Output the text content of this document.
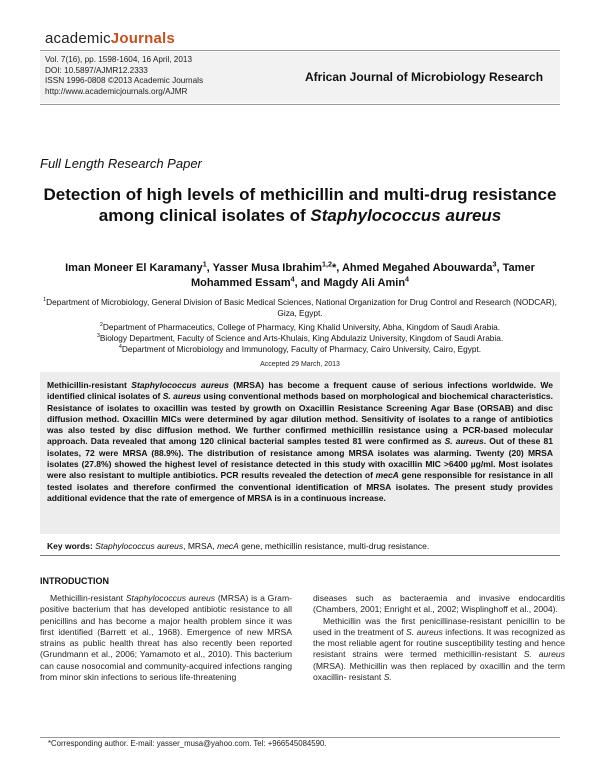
academicJournals
Vol. 7(16), pp. 1598-1604, 16 April, 2013
DOI: 10.5897/AJMR12.2333
ISSN 1996-0808 ©2013 Academic Journals
http://www.academicjournals.org/AJMR
African Journal of Microbiology Research
Full Length Research Paper
Detection of high levels of methicillin and multi-drug resistance among clinical isolates of Staphylococcus aureus
Iman Moneer El Karamany$^1$, Yasser Musa Ibrahim$^{1,2}$*, Ahmed Megahed Abouwarda$^3$, Tamer Mohammed Essam$^4$, and Magdy Ali Amin$^4$
$^1$Department of Microbiology, General Division of Basic Medical Sciences, National Organization for Drug Control and Research (NODCAR), Giza, Egypt.
$^2$Department of Pharmaceutics, College of Pharmacy, King Khalid University, Abha, Kingdom of Saudi Arabia.
$^3$Biology Department, Faculty of Science and Arts-Khulais, King Abdulaziz University, Kingdom of Saudi Arabia.
$^4$Department of Microbiology and Immunology, Faculty of Pharmacy, Cairo University, Cairo, Egypt.
Accepted 29 March, 2013
Methicillin-resistant Staphylococcus aureus (MRSA) has become a frequent cause of serious infections worldwide. We identified clinical isolates of S. aureus using conventional methods based on morphological and biochemical characteristics. Resistance of isolates to oxacillin was tested by growth on Oxacillin Resistance Screening Agar Base (ORSAB) and disc diffusion method. Oxacillin MICs were determined by agar dilution method. Sensitivity of isolates to a range of antibiotics was also tested by disc diffusion method. We further confirmed methicillin resistance using a PCR-based molecular approach. Data revealed that among 120 clinical bacterial samples tested 81 were confirmed as S. aureus. Out of these 81 isolates, 72 were MRSA (88.9%). The distribution of resistance among MRSA isolates was alarming. Twenty (20) MRSA isolates (27.8%) showed the highest level of resistance detected in this study with oxacillin MIC >6400 µg/ml. Most isolates were also resistant to multiple antibiotics. PCR results revealed the detection of mecA gene responsible for resistance in all tested isolates and therefore confirmed the conventional identification of MRSA isolates. The present study provides additional evidence that the rate of emergence of MRSA is in a continuous increase.
Key words: Staphylococcus aureus, MRSA, mecA gene, methicillin resistance, multi-drug resistance.
INTRODUCTION
Methicillin-resistant Staphylococcus aureus (MRSA) is a Gram-positive bacterium that has developed antibiotic resistance to all penicillins and has become a major health problem since it was first identified (Barrett et al., 1968). Emergence of new MRSA strains as public health threat has also recently been reported (Grundmann et al., 2006; Yamamoto et al., 2010). This bacterium can cause nosocomial and community-acquired infections ranging from minor skin infections to serious life-threatening
diseases such as bacteraemia and invasive endocarditis (Chambers, 2001; Enright et al., 2002; Wisplinghoff et al., 2004).
Methicillin was the first penicillinase-resistant penicillin to be used in the treatment of S. aureus infections. It was recognized as the most reliable agent for routine susceptibility testing and hence resistant strains were termed methicillin-resistant S. aureus (MRSA). Methicillin was then replaced by oxacillin and the term oxacillin- resistant S.
*Corresponding author. E-mail: yasser_musa@yahoo.com. Tel: +966545084590.
